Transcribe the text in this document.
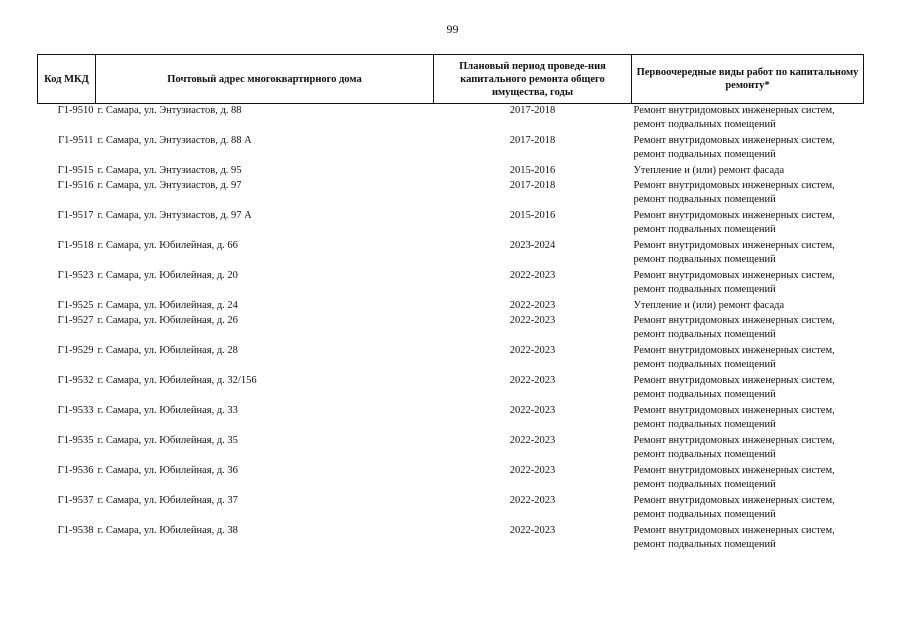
99
Код МКД	Почтовый адрес многоквартирного дома	Плановый период проведе-ния капитального ремонта общего имущества, годы	Первоочередные виды работ по капитальному ремонту*
Г1-9510	г. Самара, ул. Энтузиастов, д. 88	2017-2018	Ремонт внутридомовых инженерных систем,
ремонт подвальных помещений

Г1-9511	г. Самара, ул. Энтузиастов, д. 88 А	2017-2018	Ремонт внутридомовых инженерных систем,
ремонт подвальных помещений

Г1-9515	г. Самара, ул. Энтузиастов, д. 95	2015-2016	Утепление и (или) ремонт фасада

Г1-9516	г. Самара, ул. Энтузиастов, д. 97	2017-2018	Ремонт внутридомовых инженерных систем,
ремонт подвальных помещений

Г1-9517	г. Самара, ул. Энтузиастов, д. 97 А	2015-2016	Ремонт внутридомовых инженерных систем,
ремонт подвальных помещений

Г1-9518	г. Самара, ул. Юбилейная, д. 66	2023-2024	Ремонт внутридомовых инженерных систем,
ремонт подвальных помещений

Г1-9523	г. Самара, ул. Юбилейная, д. 20	2022-2023	Ремонт внутридомовых инженерных систем,
ремонт подвальных помещений

Г1-9525	г. Самара, ул. Юбилейная, д. 24	2022-2023	Утепление и (или) ремонт фасада

Г1-9527	г. Самара, ул. Юбилейная, д. 26	2022-2023	Ремонт внутридомовых инженерных систем,
ремонт подвальных помещений

Г1-9529	г. Самара, ул. Юбилейная, д. 28	2022-2023	Ремонт внутридомовых инженерных систем,
ремонт подвальных помещений

Г1-9532	г. Самара, ул. Юбилейная, д. 32/156	2022-2023	Ремонт внутридомовых инженерных систем,
ремонт подвальных помещений

Г1-9533	г. Самара, ул. Юбилейная, д. 33	2022-2023	Ремонт внутридомовых инженерных систем,
ремонт подвальных помещений

Г1-9535	г. Самара, ул. Юбилейная, д. 35	2022-2023	Ремонт внутридомовых инженерных систем,
ремонт подвальных помещений

Г1-9536	г. Самара, ул. Юбилейная, д. 36	2022-2023	Ремонт внутридомовых инженерных систем,
ремонт подвальных помещений

Г1-9537	г. Самара, ул. Юбилейная, д. 37	2022-2023	Ремонт внутридомовых инженерных систем,
ремонт подвальных помещений

Г1-9538	г. Самара, ул. Юбилейная, д. 38	2022-2023	Ремонт внутридомовых инженерных систем,
ремонт подвальных помещений
